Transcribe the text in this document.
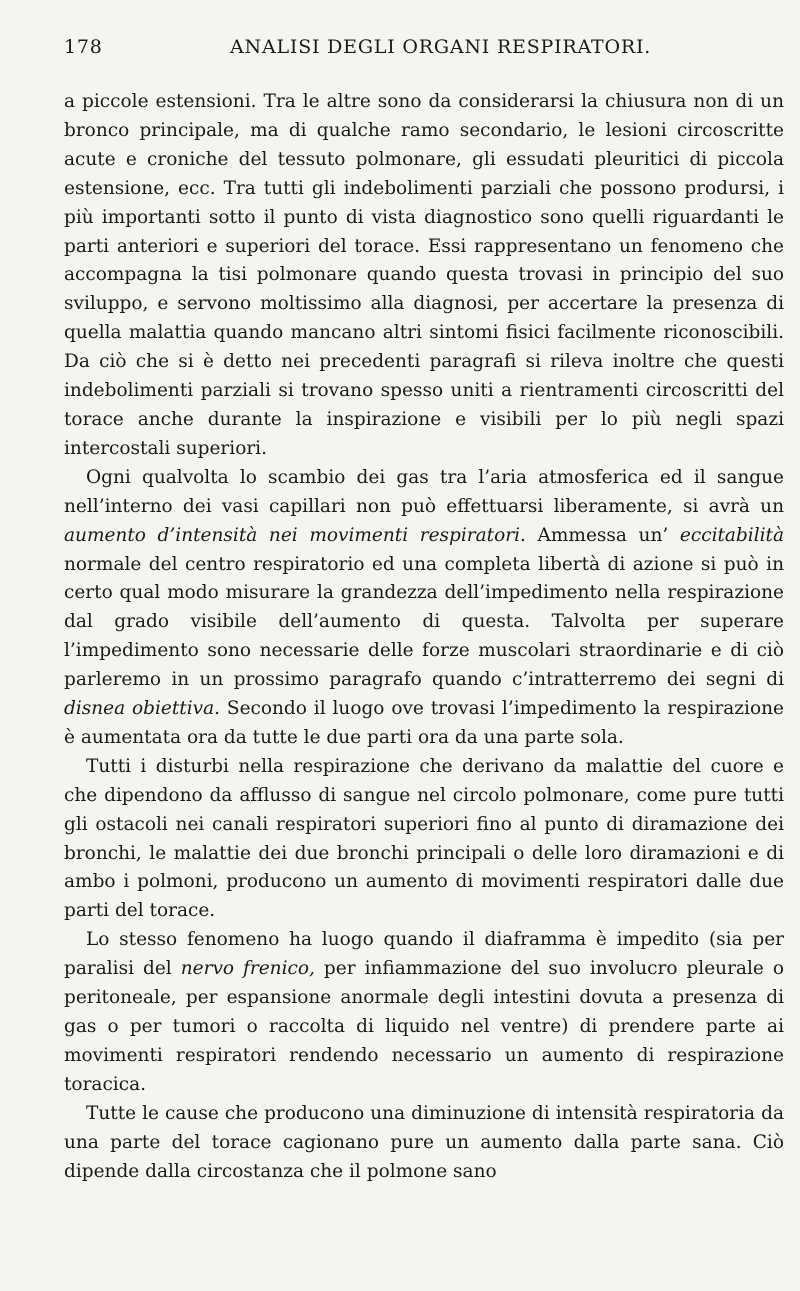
178	ANALISI DEGLI ORGANI RESPIRATORI.

a piccole estensioni. Tra le altre sono da considerarsi la chiusura non di un bronco principale, ma di qualche ramo secondario, le lesioni circoscritte acute e croniche del tessuto polmonare, gli essudati pleuritici di piccola estensione, ecc. Tra tutti gli indebolimenti parziali che possono prodursi, i più importanti sotto il punto di vista diagnostico sono quelli riguardanti le parti anteriori e superiori del torace. Essi rappresentano un fenomeno che accompagna la tisi polmonare quando questa trovasi in principio del suo sviluppo, e servono moltissimo alla diagnosi, per accertare la presenza di quella malattia quando mancano altri sintomi fisici facilmente riconoscibili. Da ciò che si è detto nei precedenti paragrafi si rileva inoltre che questi indebolimenti parziali si trovano spesso uniti a rientramenti circoscritti del torace anche durante la inspirazione e visibili per lo più negli spazi intercostali superiori.

Ogni qualvolta lo scambio dei gas tra l’aria atmosferica ed il sangue nell’interno dei vasi capillari non può effettuarsi liberamente, si avrà un aumento d’intensità nei movimenti respiratori. Ammessa un’ eccitabilità normale del centro respiratorio ed una completa libertà di azione si può in certo qual modo misurare la grandezza dell’impedimento nella respirazione dal grado visibile dell’aumento di questa. Talvolta per superare l’impedimento sono necessarie delle forze muscolari straordinarie e di ciò parleremo in un prossimo paragrafo quando c’intratterremo dei segni di disnea obiettiva. Secondo il luogo ove trovasi l’impedimento la respirazione è aumentata ora da tutte le due parti ora da una parte sola.

Tutti i disturbi nella respirazione che derivano da malattie del cuore e che dipendono da afflusso di sangue nel circolo polmonare, come pure tutti gli ostacoli nei canali respiratori superiori fino al punto di diramazione dei bronchi, le malattie dei due bronchi principali o delle loro diramazioni e di ambo i polmoni, producono un aumento di movimenti respiratori dalle due parti del torace.

Lo stesso fenomeno ha luogo quando il diaframma è impedito (sia per paralisi del nervo frenico, per infiammazione del suo involucro pleurale o peritoneale, per espansione anormale degli intestini dovuta a presenza di gas o per tumori o raccolta di liquido nel ventre) di prendere parte ai movimenti respiratori rendendo necessario un aumento di respirazione toracica.

Tutte le cause che producono una diminuzione di intensità respiratoria da una parte del torace cagionano pure un aumento dalla parte sana. Ciò dipende dalla circostanza che il polmone sano
